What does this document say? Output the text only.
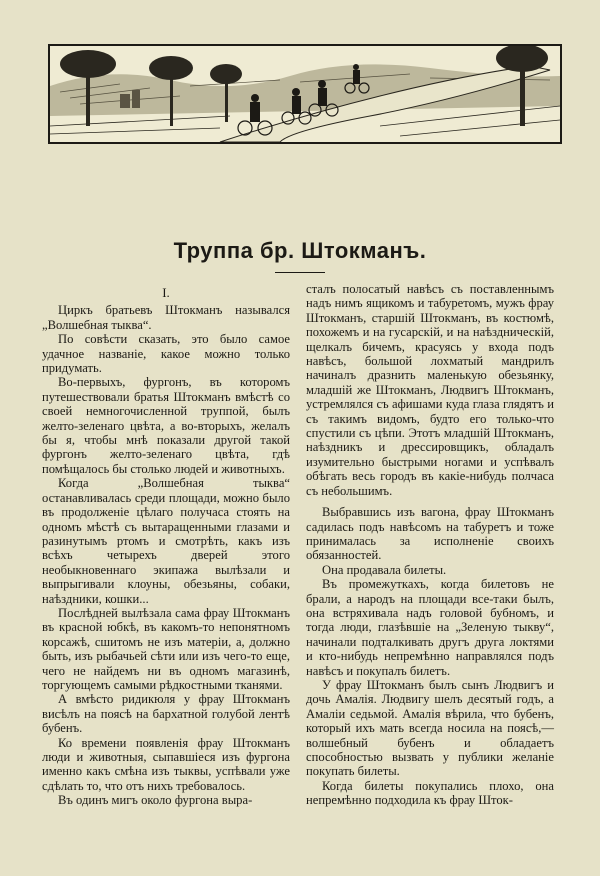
Труппа бр. Штокманъ.
I.

Циркъ братьевъ Штокманъ назывался „Волшебная тыква“.

По совѣсти сказать, это было самое удачное названіе, какое можно только придумать.

Во-первыхъ, фургонъ, въ которомъ путешествовали братья Штокманъ вмѣстѣ со своей немногочисленной труппой, былъ желто-зеленаго цвѣта, а во-вторыхъ, желалъ бы я, чтобы мнѣ показали другой такой фургонъ желто-зеленаго цвѣта, гдѣ помѣщалось бы столько людей и животныхъ.

Когда „Волшебная тыква“ останавливалась среди площади, можно было въ продолженіе цѣлаго получаса стоять на одномъ мѣстѣ съ вытаращенными глазами и разинутымъ ртомъ и смотрѣть, какъ изъ всѣхъ четырехъ дверей этого необыкновеннаго экипажа вылѣзали и выпрыгивали клоуны, обезьяны, собаки, наѣздники, кошки...

Послѣдней вылѣзала сама фрау Штокманъ въ красной юбкѣ, въ какомъ-то непонятномъ корсажѣ, сшитомъ не изъ матеріи, а, должно быть, изъ рыбачьей сѣти или изъ чего-то еще, чего не найдемъ ни въ одномъ магазинѣ, торгующемъ самыми рѣдкостными тканями.

А вмѣсто ридикюля у фрау Штокманъ висѣлъ на поясѣ на бархатной голубой лентѣ бубенъ.

Ко времени появленія фрау Штокманъ люди и животныя, сыпавшіеся изъ фургона именно какъ смѣна изъ тыквы, успѣвали уже сдѣлать то, что отъ нихъ требовалось.

Въ одинъ мигъ около фургона выра-

сталъ полосатый навѣсъ съ поставленнымъ надъ нимъ ящикомъ и табуретомъ, мужъ фрау Штокманъ, старшій Штокманъ, въ костюмѣ, похожемъ и на гусарскій, и на наѣздническій, щелкалъ бичемъ, красуясь у входа подъ навѣсъ, большой лохматый мандрилъ начиналъ дразнить маленькую обезьянку, младшій же Штокманъ, Людвигъ Штокманъ, устремлялся съ афишами куда глаза глядятъ и съ такимъ видомъ, будто его только-что спустили съ цѣпи. Этотъ младшій Штокманъ, наѣздникъ и дрессировщикъ, обладалъ изумительно быстрыми ногами и успѣвалъ обѣгать весь городъ въ какіе-нибудь полчаса съ небольшимъ.

Выбравшись изъ вагона, фрау Штокманъ садилась подъ навѣсомъ на табуретъ и тоже принималась за исполненіе своихъ обязанностей.

Она продавала билеты.

Въ промежуткахъ, когда билетовъ не брали, а народъ на площади все-таки былъ, она встряхивала надъ головой бубномъ, и тогда люди, глазѣвшіе на „Зеленую тыкву“, начинали подталкивать другъ друга локтями и кто-нибудь непремѣнно направлялся подъ навѣсъ и покупалъ билетъ.

У фрау Штокманъ былъ сынъ Людвигъ и дочь Амалія. Людвигу шелъ десятый годъ, а Амаліи седьмой. Амалія вѣрила, что бубенъ, который ихъ мать всегда носила на поясѣ,—волшебный бубенъ и обладаетъ способностью вызвать у публики желаніе покупать билеты.

Когда билеты покупались плохо, она непремѣнно подходила къ фрау Шток-
